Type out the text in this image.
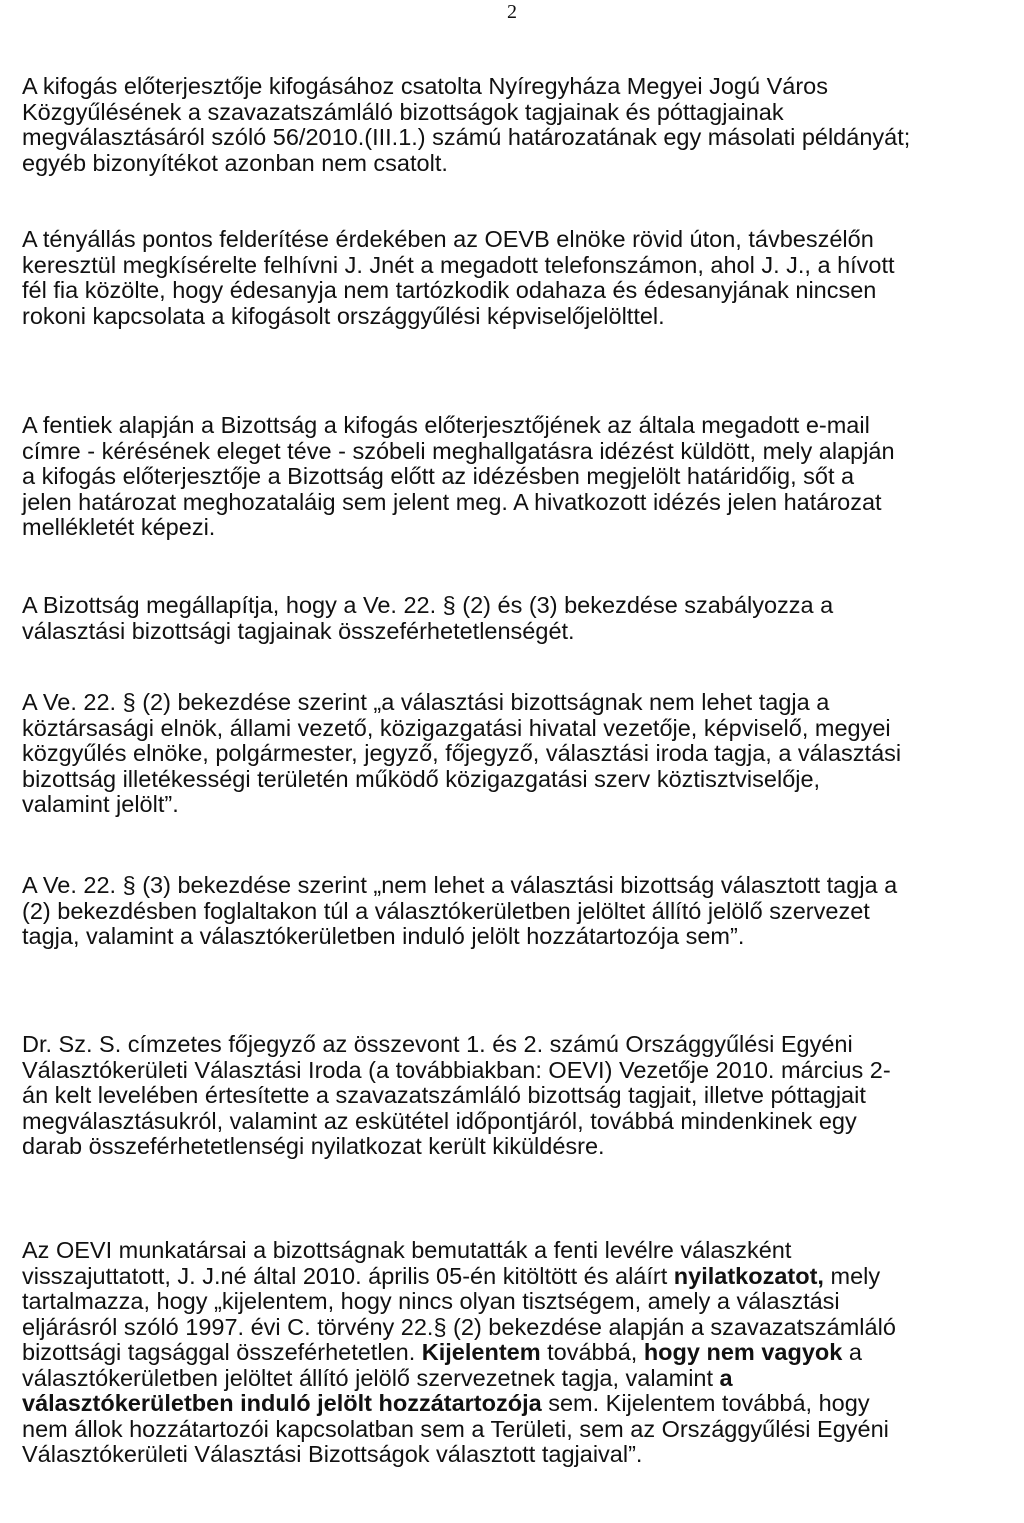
2

A kifogás előterjesztője kifogásához csatolta Nyíregyháza Megyei Jogú Város
Közgyűlésének a szavazatszámláló bizottságok tagjainak és póttagjainak
megválasztásáról szóló 56/2010.(III.1.) számú határozatának egy másolati példányát;
egyéb bizonyítékot azonban nem csatolt.

A tényállás pontos felderítése érdekében az OEVB elnöke rövid úton, távbeszélőn
keresztül megkísérelte felhívni J. Jnét a megadott telefonszámon, ahol J. J., a hívott
fél fia közölte, hogy édesanyja nem tartózkodik odahaza és édesanyjának nincsen
rokoni kapcsolata a kifogásolt országgyűlési képviselőjelölttel.

A fentiek alapján a Bizottság a kifogás előterjesztőjének az általa megadott e-mail
címre - kérésének eleget téve - szóbeli meghallgatásra idézést küldött, mely alapján
a kifogás előterjesztője a Bizottság előtt az idézésben megjelölt határidőig, sőt a
jelen határozat meghozataláig sem jelent meg. A hivatkozott idézés jelen határozat
mellékletét képezi.

A Bizottság megállapítja, hogy a Ve. 22. § (2) és (3) bekezdése szabályozza a
választási bizottsági tagjainak összeférhetetlenségét.

A Ve. 22. § (2) bekezdése szerint „a választási bizottságnak nem lehet tagja a
köztársasági elnök, állami vezető, közigazgatási hivatal vezetője, képviselő, megyei
közgyűlés elnöke, polgármester, jegyző, főjegyző, választási iroda tagja, a választási
bizottság illetékességi területén működő közigazgatási szerv köztisztviselője,
valamint jelölt”.

A Ve. 22. § (3) bekezdése szerint „nem lehet a választási bizottság választott tagja a
(2) bekezdésben foglaltakon túl a választókerületben jelöltet állító jelölő szervezet
tagja, valamint a választókerületben induló jelölt hozzátartozója sem”.

Dr. Sz. S. címzetes főjegyző az összevont 1. és 2. számú Országgyűlési Egyéni
Választókerületi Választási Iroda (a továbbiakban: OEVI) Vezetője 2010. március 2-
án kelt levelében értesítette a szavazatszámláló bizottság tagjait, illetve póttagjait
megválasztásukról, valamint az eskütétel időpontjáról, továbbá mindenkinek egy
darab összeférhetetlenségi nyilatkozat került kiküldésre.

Az OEVI munkatársai a bizottságnak bemutatták a fenti levélre válaszként
visszajuttatott, J. J.né által 2010. április 05-én kitöltött és aláírt nyilatkozatot, mely
tartalmazza, hogy „kijelentem, hogy nincs olyan tisztségem, amely a választási
eljárásról szóló 1997. évi C. törvény 22.§ (2) bekezdése alapján a szavazatszámláló
bizottsági tagsággal összeférhetetlen. Kijelentem továbbá, hogy nem vagyok a
választókerületben jelöltet állító jelölő szervezetnek tagja, valamint a
választókerületben induló jelölt hozzátartozója sem. Kijelentem továbbá, hogy
nem állok hozzátartozói kapcsolatban sem a Területi, sem az Országgyűlési Egyéni
Választókerületi Választási Bizottságok választott tagjaival”.
